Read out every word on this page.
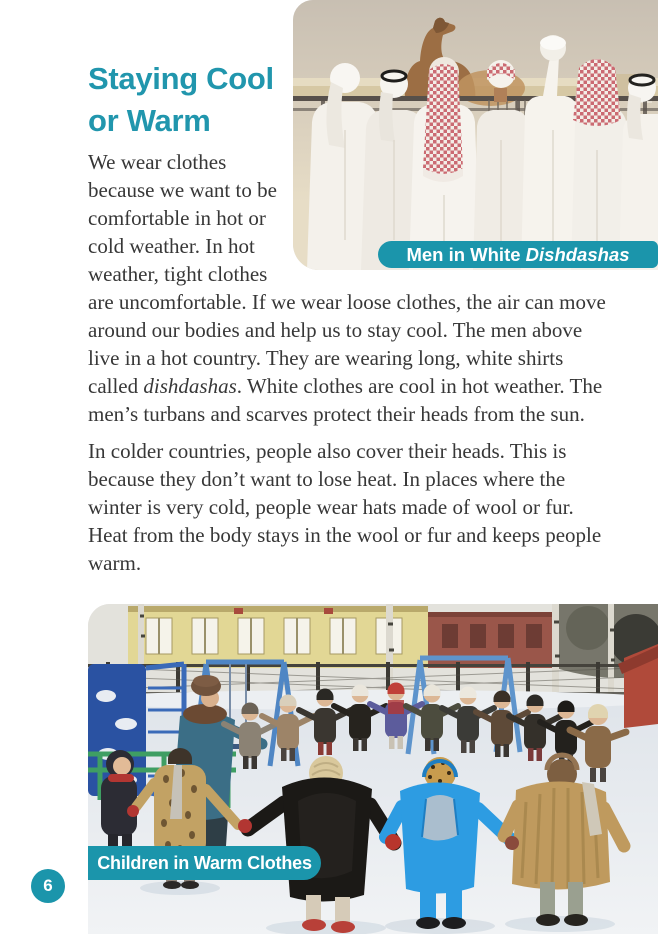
Men in White Dishdashas
Staying Cool
or Warm

We wear clothes because we want to be comfortable in hot or cold weather. In hot weather, tight clothes are uncomfortable. If we wear loose clothes, the air can move around our bodies and help us to stay cool. The men above live in a hot country. They are wearing long, white shirts called dishdashas. White clothes are cool in hot weather. The men’s turbans and scarves protect their heads from the sun.

In colder countries, people also cover their heads. This is because they don’t want to lose heat. In places where the winter is very cold, people wear hats made of wool or fur. Heat from the body stays in the wool or fur and keeps people warm.

Children in Warm Clothes
6
